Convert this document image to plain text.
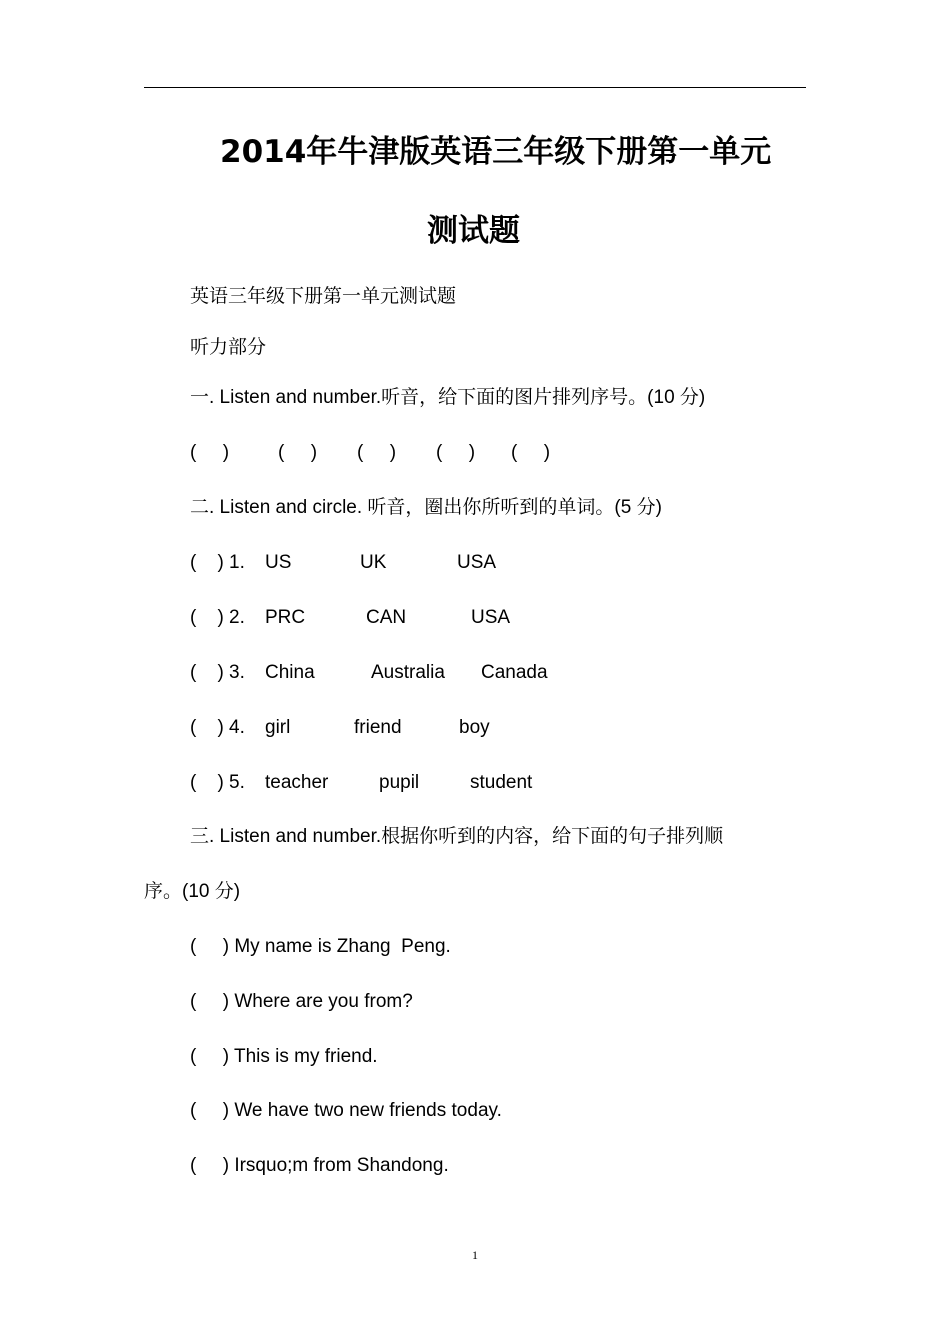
2014年牛津版英语三年级下册第一单元
测试题
英语三年级下册第一单元测试题
听力部分
一. Listen and number.听音，给下面的图片排列序号。(10 分)
(     )	(     ) (     ) (     ) (     )
二. Listen and circle. 听音，圈出你所听到的单词。(5 分)
(    ) 1. US	UK	USA
(    ) 2. PRC	CAN	USA
(    ) 3. China	Australia Canada
(    ) 4. girl	friend	boy
(    ) 5. teacher	pupil	student
三. Listen and number.根据你听到的内容，给下面的句子排列顺
序。(10 分)
(     ) My name is Zhang  Peng.
(     ) Where are you from?
(     ) This is my friend.
(     ) We have two new friends today.
(     ) Irsquo;m from Shandong.
1
